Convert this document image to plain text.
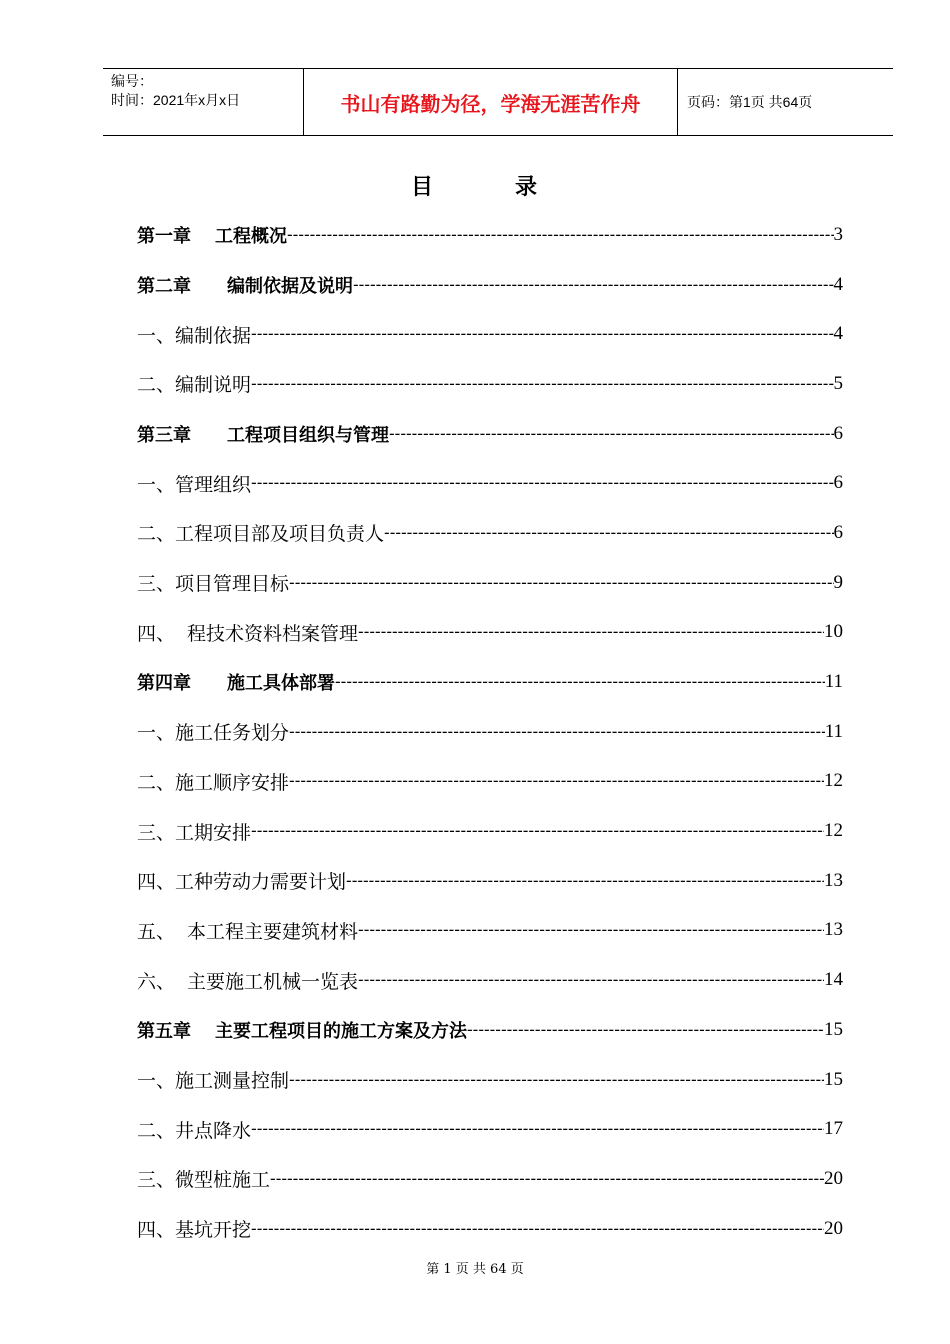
编号：
时间：2021年x月x日	书山有路勤为径，学海无涯苦作舟	页码：第1页 共64页
目	录
第一章 工程概况 -----	3
第二章 编制依据及说明 -----	4
一、编制依据 -----	4
二、编制说明 -----	5
第三章 工程项目组织与管理 -----	6
一、管理组织 -----	6
二、工程项目部及项目负责人 -----	6
三、项目管理目标 -----	9
四、 程技术资料档案管理 -----	10
第四章 施工具体部署 -----	11
一、施工任务划分 -----	11
二、施工顺序安排 -----	12
三、工期安排 -----	12
四、工种劳动力需要计划 -----	13
五、 本工程主要建筑材料 -----	13
六、 主要施工机械一览表 -----	14
第五章 主要工程项目的施工方案及方法 -----	15
一、施工测量控制 -----	15
二、井点降水 -----	17
三、微型桩施工 -----	20
四、基坑开挖 -----	20
第 1 页 共 64 页
